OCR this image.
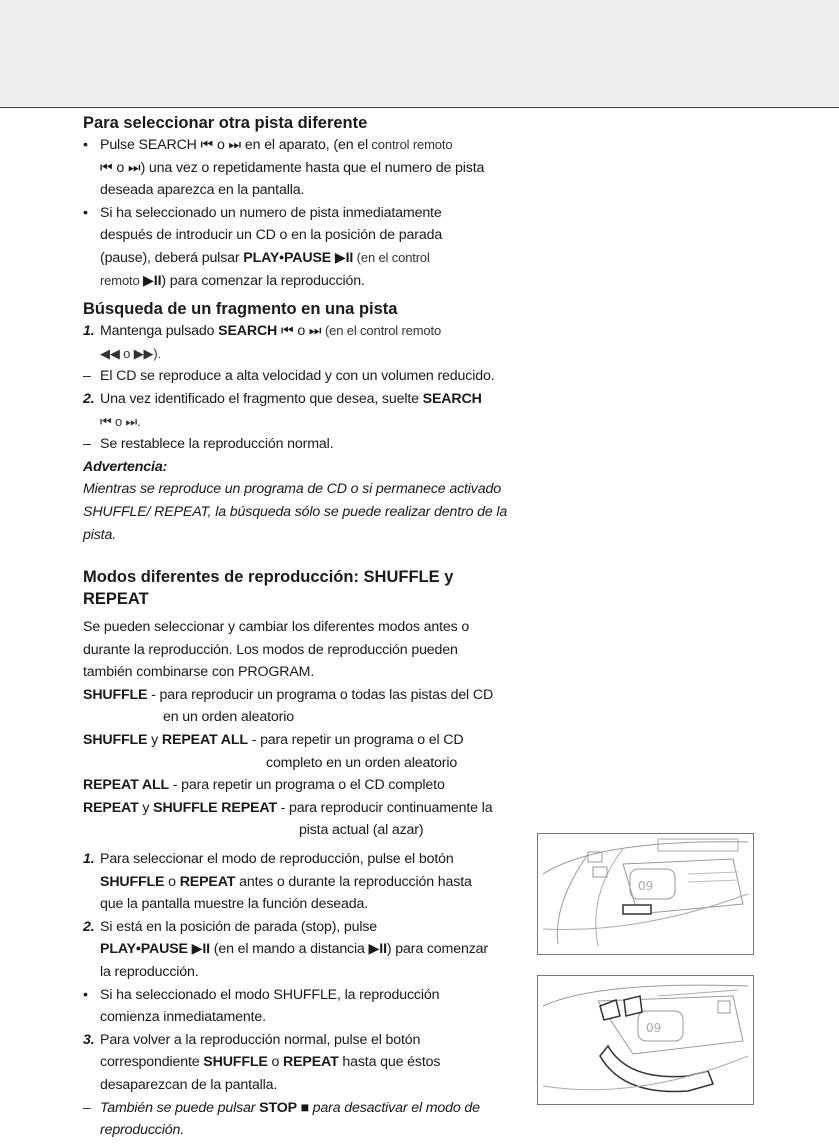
Para seleccionar otra pista diferente
• Pulse SEARCH ⏮ o ⏭ en el aparato, (en el control remoto

⏮ o ⏭) una vez o repetidamente hasta que el numero de pista

deseada aparezca en la pantalla.

• Si ha seleccionado un numero de pista inmediatamente

después de introducir un CD o en la posición de parada

(pause), deberá pulsar PLAY•PAUSE ▶II (en el control

remoto ▶II) para comenzar la reproducción.

Búsqueda de un fragmento en una pista
1. Mantenga pulsado SEARCH ⏮ o ⏭ (en el control remoto

◀◀ o ▶▶).

– El CD se reproduce a alta velocidad y con un volumen reducido.

2. Una vez identificado el fragmento que desea, suelte SEARCH

⏮ o ⏭.

– Se restablece la reproducción normal.

Advertencia:

Mientras se reproduce un programa de CD o si permanece activado

SHUFFLE/ REPEAT, la búsqueda sólo se puede realizar dentro de la

pista.

Modos diferentes de reproducción: SHUFFLE y
REPEAT

Se pueden seleccionar y cambiar los diferentes modos antes o

durante la reproducción. Los modos de reproducción pueden

también combinarse con PROGRAM.

SHUFFLE - para reproducir un programa o todas las pistas del CD

en un orden aleatorio

SHUFFLE y REPEAT ALL - para repetir un programa o el CD

completo en un orden aleatorio

REPEAT ALL - para repetir un programa o el CD completo

REPEAT y SHUFFLE REPEAT - para reproducir continuamente la

pista actual (al azar)

1. Para seleccionar el modo de reproducción, pulse el botón

SHUFFLE o REPEAT antes o durante la reproducción hasta

que la pantalla muestre la función deseada.

2. Si está en la posición de parada (stop), pulse

PLAY•PAUSE ▶II (en el mando a distancia ▶II) para comenzar

la reproducción.

• Si ha seleccionado el modo SHUFFLE, la reproducción

comienza inmediatamente.

3. Para volver a la reproducción normal, pulse el botón

correspondiente SHUFFLE o REPEAT hasta que éstos

desaparezcan de la pantalla.

– También se puede pulsar STOP ■ para desactivar el modo de

reproducción.

09
09
